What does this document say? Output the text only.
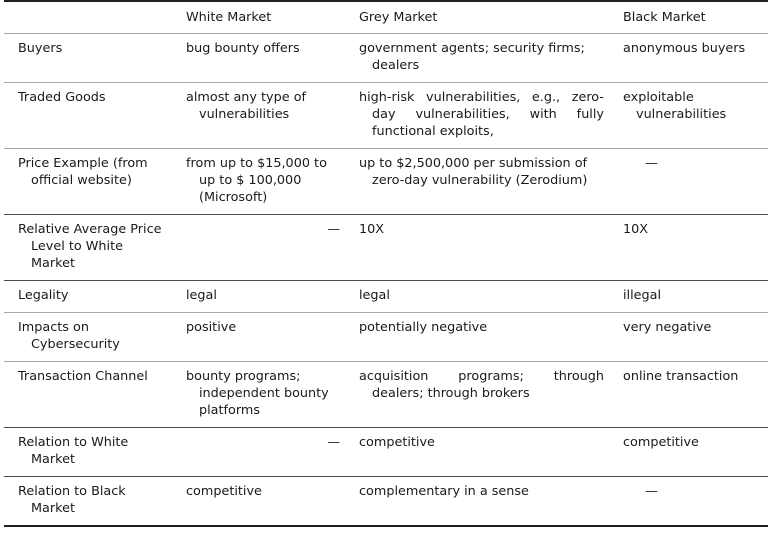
	White Market	Grey Market	Black Market

Buyers	bug bounty offers	government agents; security firms; dealers	anonymous buyers

Traded Goods	almost any type of vulnerabilities	high-risk vulnerabilities, e.g., zero-day vulnerabilities, with fully functional exploits,	exploitable vulnerabilities

Price Example (from official website)	from up to $15,000 to up to $ 100,000 (Microsoft)	up to $2,500,000 per submission of zero-day vulnerability (Zerodium)	—

Relative Average Price Level to White Market	—	10X	10X

Legality	legal	legal	illegal

Impacts on Cybersecurity	positive	potentially negative	very negative

Transaction Channel	bounty programs; independent bounty platforms	acquisition programs; through dealers; through brokers	online transaction

Relation to White Market	—	competitive	competitive

Relation to Black Market	competitive	complementary in a sense	—
